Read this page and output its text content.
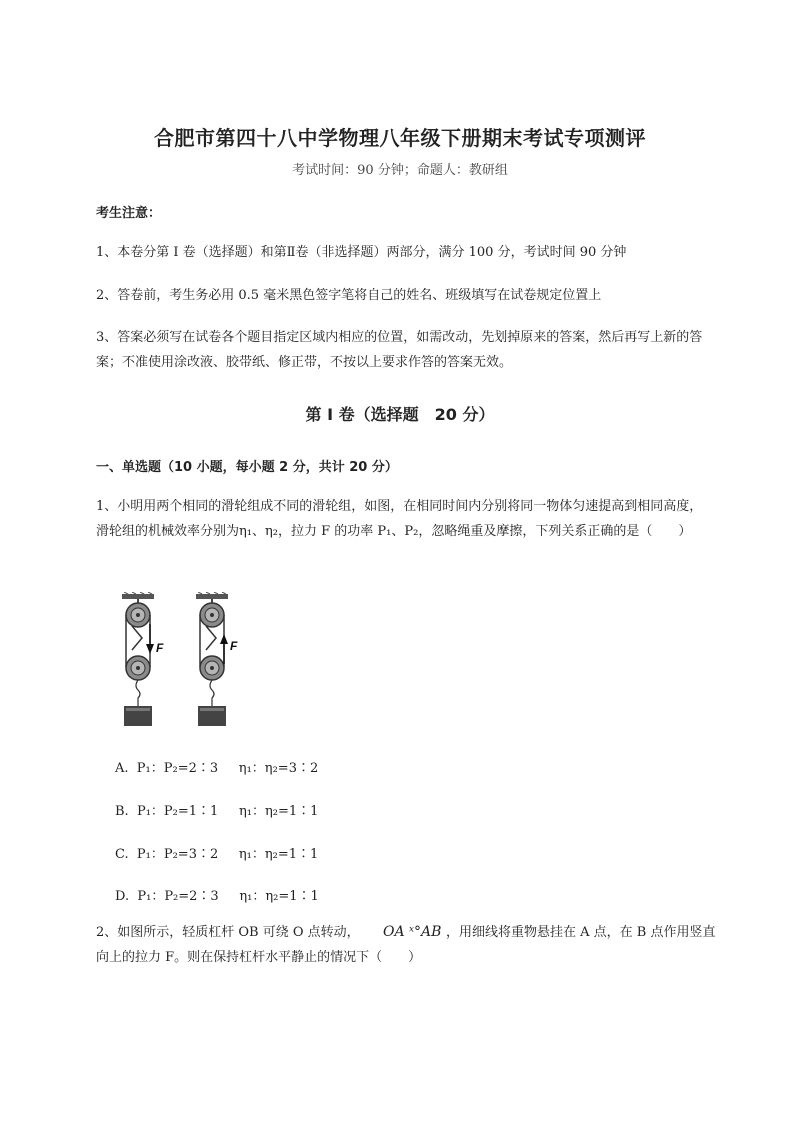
合肥市第四十八中学物理八年级下册期末考试专项测评
考试时间：90 分钟；命题人：教研组
考生注意：
1、本卷分第 I 卷（选择题）和第Ⅱ卷（非选择题）两部分，满分 100 分，考试时间 90 分钟
2、答卷前，考生务必用 0.5 毫米黑色签字笔将自己的姓名、班级填写在试卷规定位置上
3、答案必须写在试卷各个题目指定区域内相应的位置，如需改动，先划掉原来的答案，然后再写上新的答案；不准使用涂改液、胶带纸、修正带，不按以上要求作答的答案无效。
第 I 卷（选择题　20 分）
一、单选题（10 小题，每小题 2 分，共计 20 分）
1、小明用两个相同的滑轮组成不同的滑轮组，如图，在相同时间内分别将同一物体匀速提高到相同高度，滑轮组的机械效率分别为η₁、η₂，拉力 F 的功率 P₁、P₂，忽略绳重及摩擦，下列关系正确的是（　　）
F	F
A.  P₁：P₂=2∶3     η₁：η₂=3∶2
B.  P₁：P₂=1∶1     η₁：η₂=1∶1
C.  P₁：P₂=3∶2     η₁：η₂=1∶1
D.  P₁：P₂=2∶3     η₁：η₂=1∶1
2、如图所示，轻质杠杆 OB 可绕 O 点转动， OA ˣ°AB ，用细线将重物悬挂在 A 点，在 B 点作用竖直
向上的拉力 F。则在保持杠杆水平静止的情况下（　　）
